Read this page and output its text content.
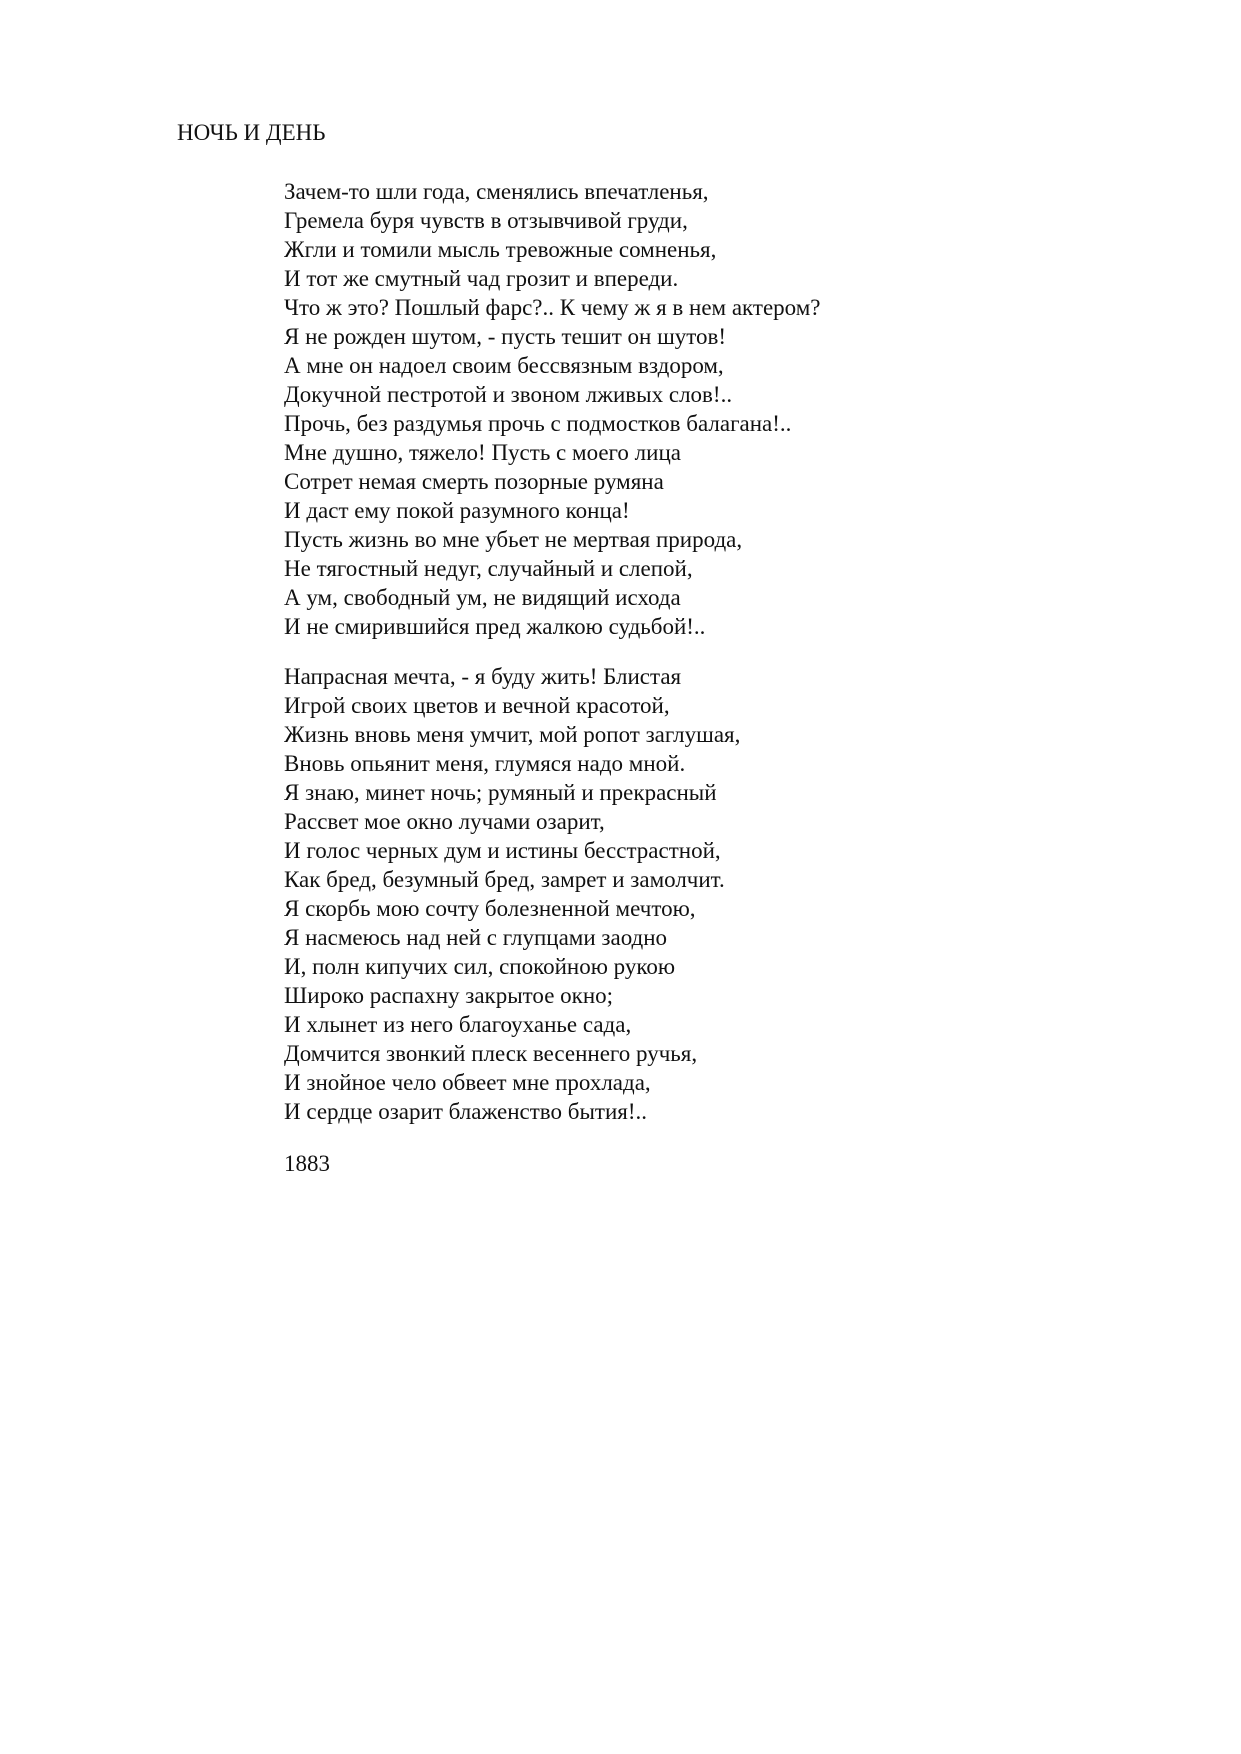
НОЧЬ И ДЕНЬ
Зачем-то шли года, сменялись впечатленья,
Гремела буря чувств в отзывчивой груди,
Жгли и томили мысль тревожные сомненья,
И тот же смутный чад грозит и впереди.
Что ж это? Пошлый фарс?.. К чему ж я в нем актером?
Я не рожден шутом, - пусть тешит он шутов!
А мне он надоел своим бессвязным вздором,
Докучной пестротой и звоном лживых слов!..
Прочь, без раздумья прочь с подмостков балагана!..
Мне душно, тяжело! Пусть с моего лица
Сотрет немая смерть позорные румяна
И даст ему покой разумного конца!
Пусть жизнь во мне убьет не мертвая природа,
Не тягостный недуг, случайный и слепой,
А ум, свободный ум, не видящий исхода
И не смирившийся пред жалкою судьбой!..
Напрасная мечта, - я буду жить! Блистая
Игрой своих цветов и вечной красотой,
Жизнь вновь меня умчит, мой ропот заглушая,
Вновь опьянит меня, глумяся надо мной.
Я знаю, минет ночь; румяный и прекрасный
Рассвет мое окно лучами озарит,
И голос черных дум и истины бесстрастной,
Как бред, безумный бред, замрет и замолчит.
Я скорбь мою сочту болезненной мечтою,
Я насмеюсь над ней с глупцами заодно
И, полн кипучих сил, спокойною рукою
Широко распахну закрытое окно;
И хлынет из него благоуханье сада,
Домчится звонкий плеск весеннего ручья,
И знойное чело обвеет мне прохлада,
И сердце озарит блаженство бытия!..
1883
